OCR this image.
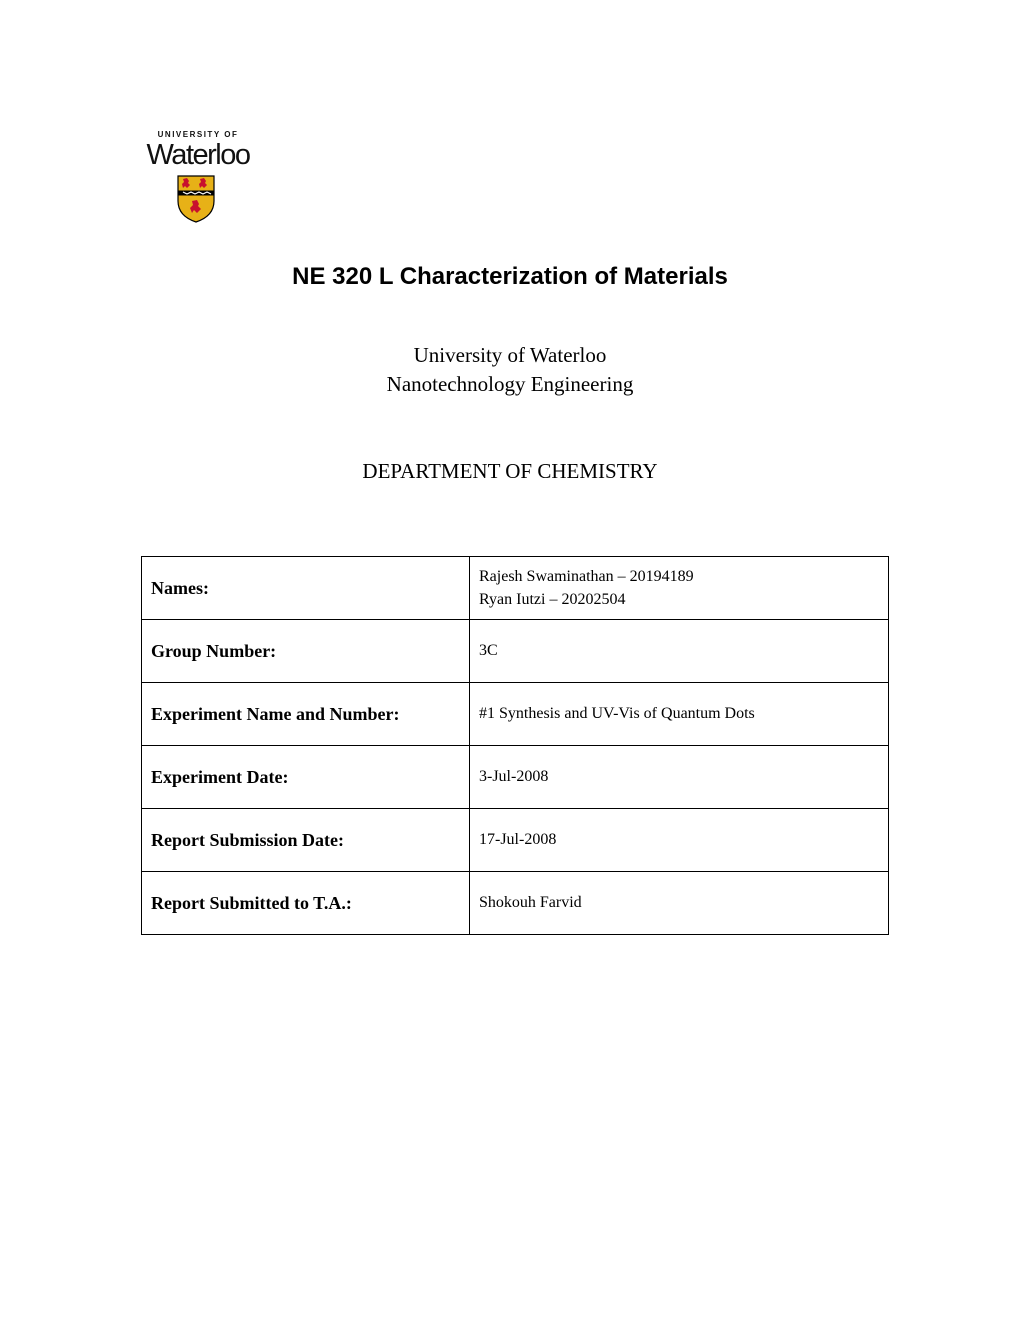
UNIVERSITY OF
Waterloo
NE 320 L Characterization of Materials
University of Waterloo
Nanotechnology Engineering
DEPARTMENT OF CHEMISTRY
Names:	Rajesh Swaminathan – 20194189
Ryan Iutzi – 20202504

Group Number:	3C
Experiment Name and Number:	#1 Synthesis and UV-Vis of Quantum Dots
Experiment Date:	3-Jul-2008
Report Submission Date:	17-Jul-2008
Report Submitted to T.A.:	Shokouh Farvid
